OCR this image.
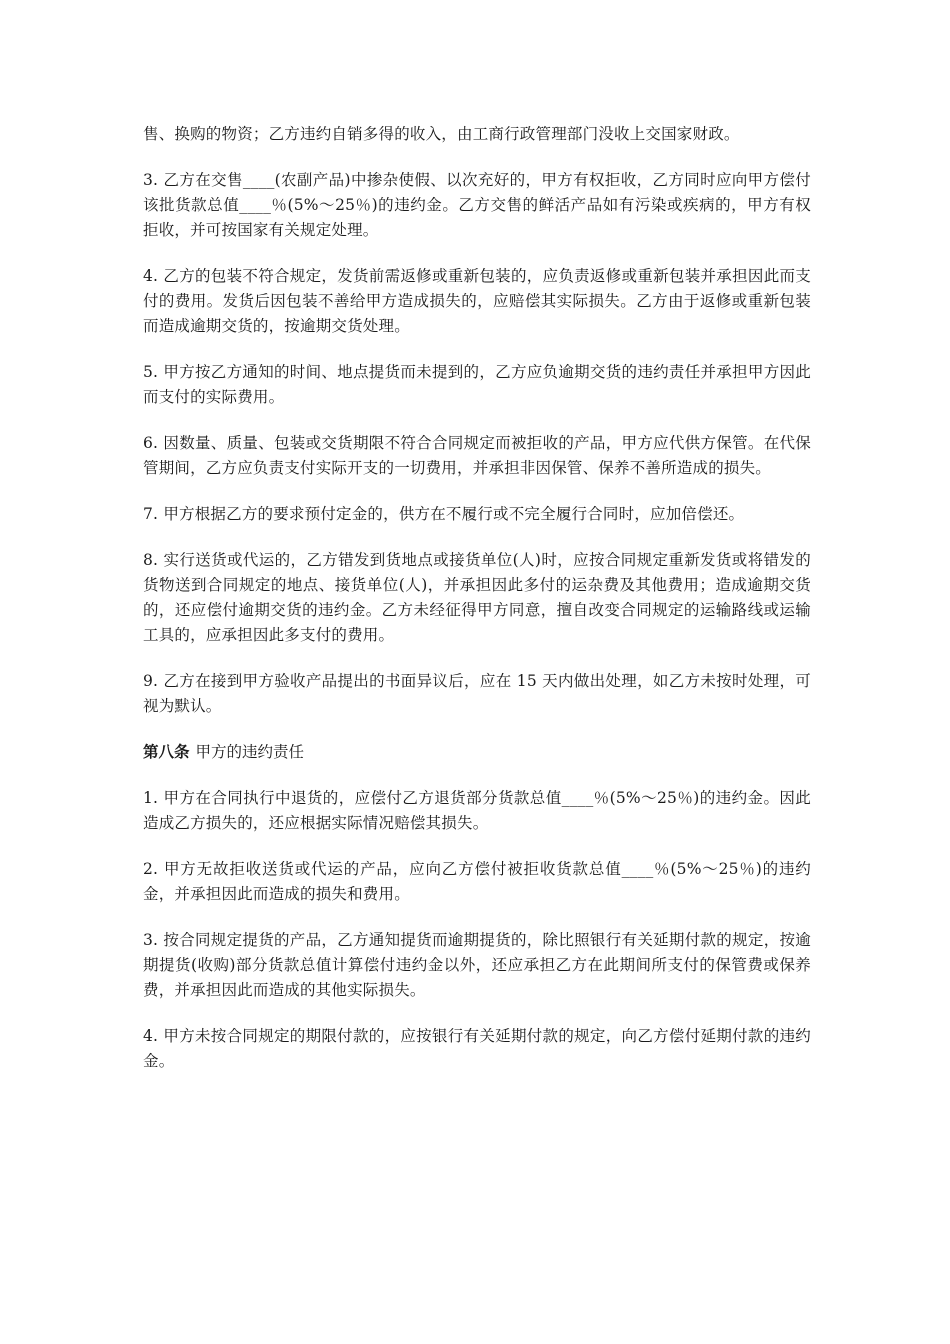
售、换购的物资；乙方违约自销多得的收入，由工商行政管理部门没收上交国家财政。

3. 乙方在交售____(农副产品)中掺杂使假、以次充好的，甲方有权拒收，乙方同时应向甲方偿付该批货款总值____％(5%～25％)的违约金。乙方交售的鲜活产品如有污染或疾病的，甲方有权拒收，并可按国家有关规定处理。

4. 乙方的包装不符合规定，发货前需返修或重新包装的，应负责返修或重新包装并承担因此而支付的费用。发货后因包装不善给甲方造成损失的，应赔偿其实际损失。乙方由于返修或重新包装而造成逾期交货的，按逾期交货处理。

5. 甲方按乙方通知的时间、地点提货而未提到的，乙方应负逾期交货的违约责任并承担甲方因此而支付的实际费用。

6. 因数量、质量、包装或交货期限不符合合同规定而被拒收的产品，甲方应代供方保管。在代保管期间，乙方应负责支付实际开支的一切费用，并承担非因保管、保养不善所造成的损失。

7. 甲方根据乙方的要求预付定金的，供方在不履行或不完全履行合同时，应加倍偿还。

8. 实行送货或代运的，乙方错发到货地点或接货单位(人)时，应按合同规定重新发货或将错发的货物送到合同规定的地点、接货单位(人)，并承担因此多付的运杂费及其他费用；造成逾期交货的，还应偿付逾期交货的违约金。乙方未经征得甲方同意，擅自改变合同规定的运输路线或运输工具的，应承担因此多支付的费用。

9. 乙方在接到甲方验收产品提出的书面异议后，应在 15 天内做出处理，如乙方未按时处理，可视为默认。

第八条 甲方的违约责任

1. 甲方在合同执行中退货的，应偿付乙方退货部分货款总值____％(5%～25％)的违约金。因此造成乙方损失的，还应根据实际情况赔偿其损失。

2. 甲方无故拒收送货或代运的产品，应向乙方偿付被拒收货款总值____％(5%～25％)的违约金，并承担因此而造成的损失和费用。

3. 按合同规定提货的产品，乙方通知提货而逾期提货的，除比照银行有关延期付款的规定，按逾期提货(收购)部分货款总值计算偿付违约金以外，还应承担乙方在此期间所支付的保管费或保养费，并承担因此而造成的其他实际损失。

4. 甲方未按合同规定的期限付款的，应按银行有关延期付款的规定，向乙方偿付延期付款的违约金。
